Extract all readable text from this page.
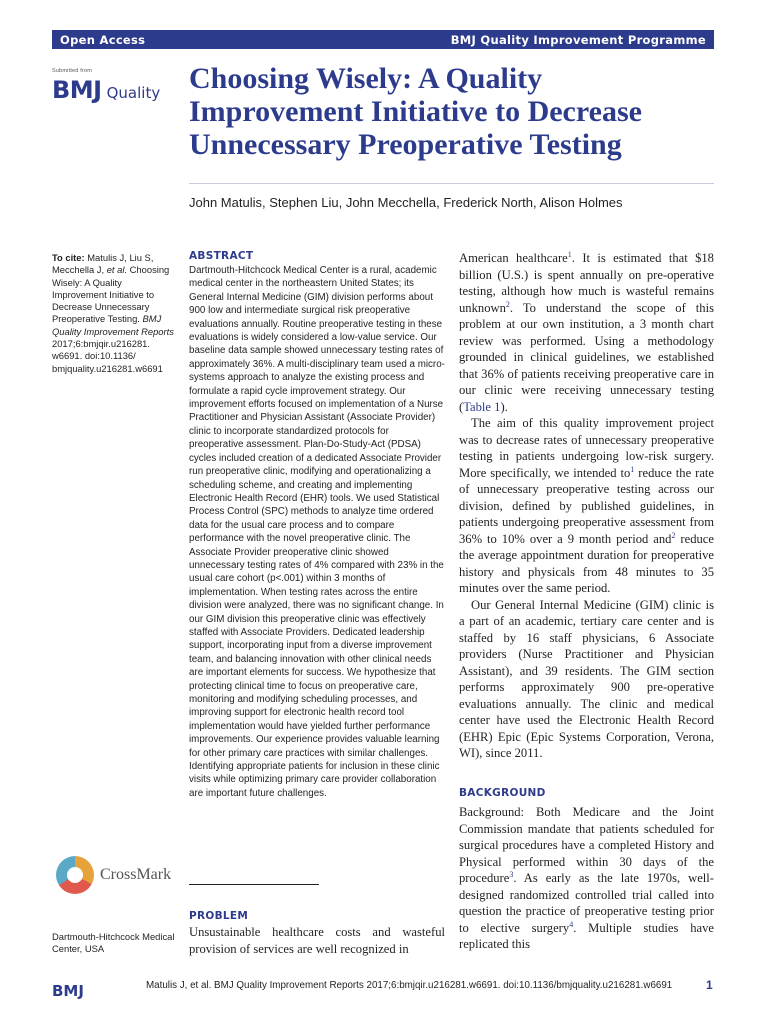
Open Access	BMJ Quality Improvement Programme
Submitted from
BMJ Quality Choosing Wisely: A Quality Improvement Initiative to Decrease Unnecessary Preoperative Testing
John Matulis, Stephen Liu, John Mecchella, Frederick North, Alison Holmes
To cite: Matulis J, Liu S, Mecchella J, et al. Choosing Wisely: A Quality Improvement Initiative to Decrease Unnecessary Preoperative Testing. BMJ Quality Improvement Reports 2017;6:bmjqir.u216281. w6691. doi:10.1136/ bmjquality.u216281.w6691
CrossMark
Dartmouth-Hitchcock Medical Center, USA
ABSTRACT
Dartmouth-Hitchcock Medical Center is a rural, academic medical center in the northeastern United States; its General Internal Medicine (GIM) division performs about 900 low and intermediate surgical risk preoperative evaluations annually. Routine preoperative testing in these evaluations is widely considered a low-value service. Our baseline data sample showed unnecessary testing rates of approximately 36%. A multi-disciplinary team used a micro-systems approach to analyze the existing process and formulate a rapid cycle improvement strategy. Our improvement efforts focused on implementation of a Nurse Practitioner and Physician Assistant (Associate Provider) clinic to incorporate standardized protocols for preoperative assessment. Plan-Do-Study-Act (PDSA) cycles included creation of a dedicated Associate Provider run preoperative clinic, modifying and operationalizing a scheduling scheme, and creating and implementing Electronic Health Record (EHR) tools. We used Statistical Process Control (SPC) methods to analyze time ordered data for the usual care process and to compare performance with the novel preoperative clinic. The Associate Provider preoperative clinic showed unnecessary testing rates of 4% compared with 23% in the usual care cohort (p<.001) within 3 months of implementation. When testing rates across the entire division were analyzed, there was no significant change. In our GIM division this preoperative clinic was effectively staffed with Associate Providers. Dedicated leadership support, incorporating input from a diverse improvement team, and balancing innovation with other clinical needs are important elements for success. We hypothesize that protecting clinical time to focus on preoperative care, monitoring and modifying scheduling processes, and improving support for electronic health record tool implementation would have yielded further performance improvements. Our experience provides valuable learning for other primary care practices with similar challenges. Identifying appropriate patients for inclusion in these clinic visits while optimizing primary care provider collaboration are important future challenges.
PROBLEM

Unsustainable healthcare costs and wasteful provision of services are well recognized in

American healthcare$^1$. It is estimated that $18 billion (U.S.) is spent annually on pre-operative testing, although how much is wasteful remains unknown$^2$. To understand the scope of this problem at our own institution, a 3 month chart review was performed. Using a methodology grounded in clinical guidelines, we established that 36% of patients receiving preoperative care in our clinic were receiving unnecessary testing (Table 1).

The aim of this quality improvement project was to decrease rates of unnecessary preoperative testing in patients undergoing low-risk surgery. More specifically, we intended $to^1$ reduce the rate of unnecessary preoperative testing across our division, defined by published guidelines, in patients undergoing preoperative assessment from 36% to 10% over a 9 month period and$^2$ reduce the average appointment duration for preoperative history and physicals from 48 minutes to 35 minutes over the same period.

Our General Internal Medicine (GIM) clinic is a part of an academic, tertiary care center and is staffed by 16 staff physicians, 6 Associate providers (Nurse Practitioner and Physician Assistant), and 39 residents. The GIM section performs approximately 900 pre-operative evaluations annually. The clinic and medical center have used the Electronic Health Record (EHR) Epic (Epic Systems Corporation, Verona, WI), since 2011.

BACKGROUND

Background: Both Medicare and the Joint Commission mandate that patients scheduled for surgical procedures have a completed History and Physical performed within 30 days of the procedure$^3$. As early as the late 1970s, well-designed randomized controlled trial called into question the practice of preoperative testing prior to elective surgery$^4$. Multiple studies have replicated this

BMJ	Matulis J, et al. BMJ Quality Improvement Reports 2017;6:bmjqir.u216281.w6691. doi:10.1136/bmjquality.u216281.w6691	1
